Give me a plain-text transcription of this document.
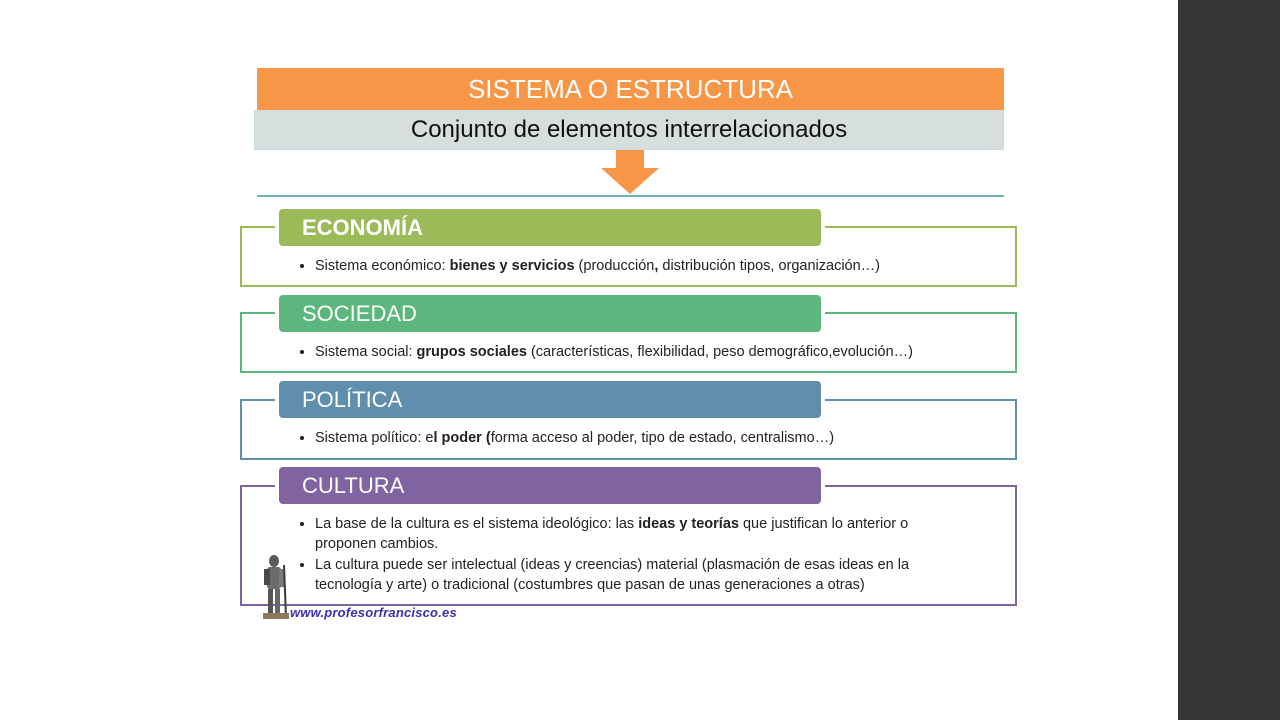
SISTEMA O ESTRUCTURA
Conjunto de elementos interrelacionados
ECONOMÍA
• Sistema económico: bienes y servicios (producción, distribución tipos, organización…)
SOCIEDAD
• Sistema social: grupos sociales (características, flexibilidad, peso demográfico,evolución…)
POLÍTICA
• Sistema político: el poder (forma acceso al poder, tipo de estado, centralismo…)
CULTURA
• La base de la cultura es el sistema ideológico: las ideas y teorías que justifican lo anterior o proponen cambios.
• La cultura puede ser intelectual (ideas y creencias) material (plasmación de esas ideas en la tecnología y arte) o tradicional (costumbres que pasan de unas generaciones a otras)
www.profesorfrancisco.es
